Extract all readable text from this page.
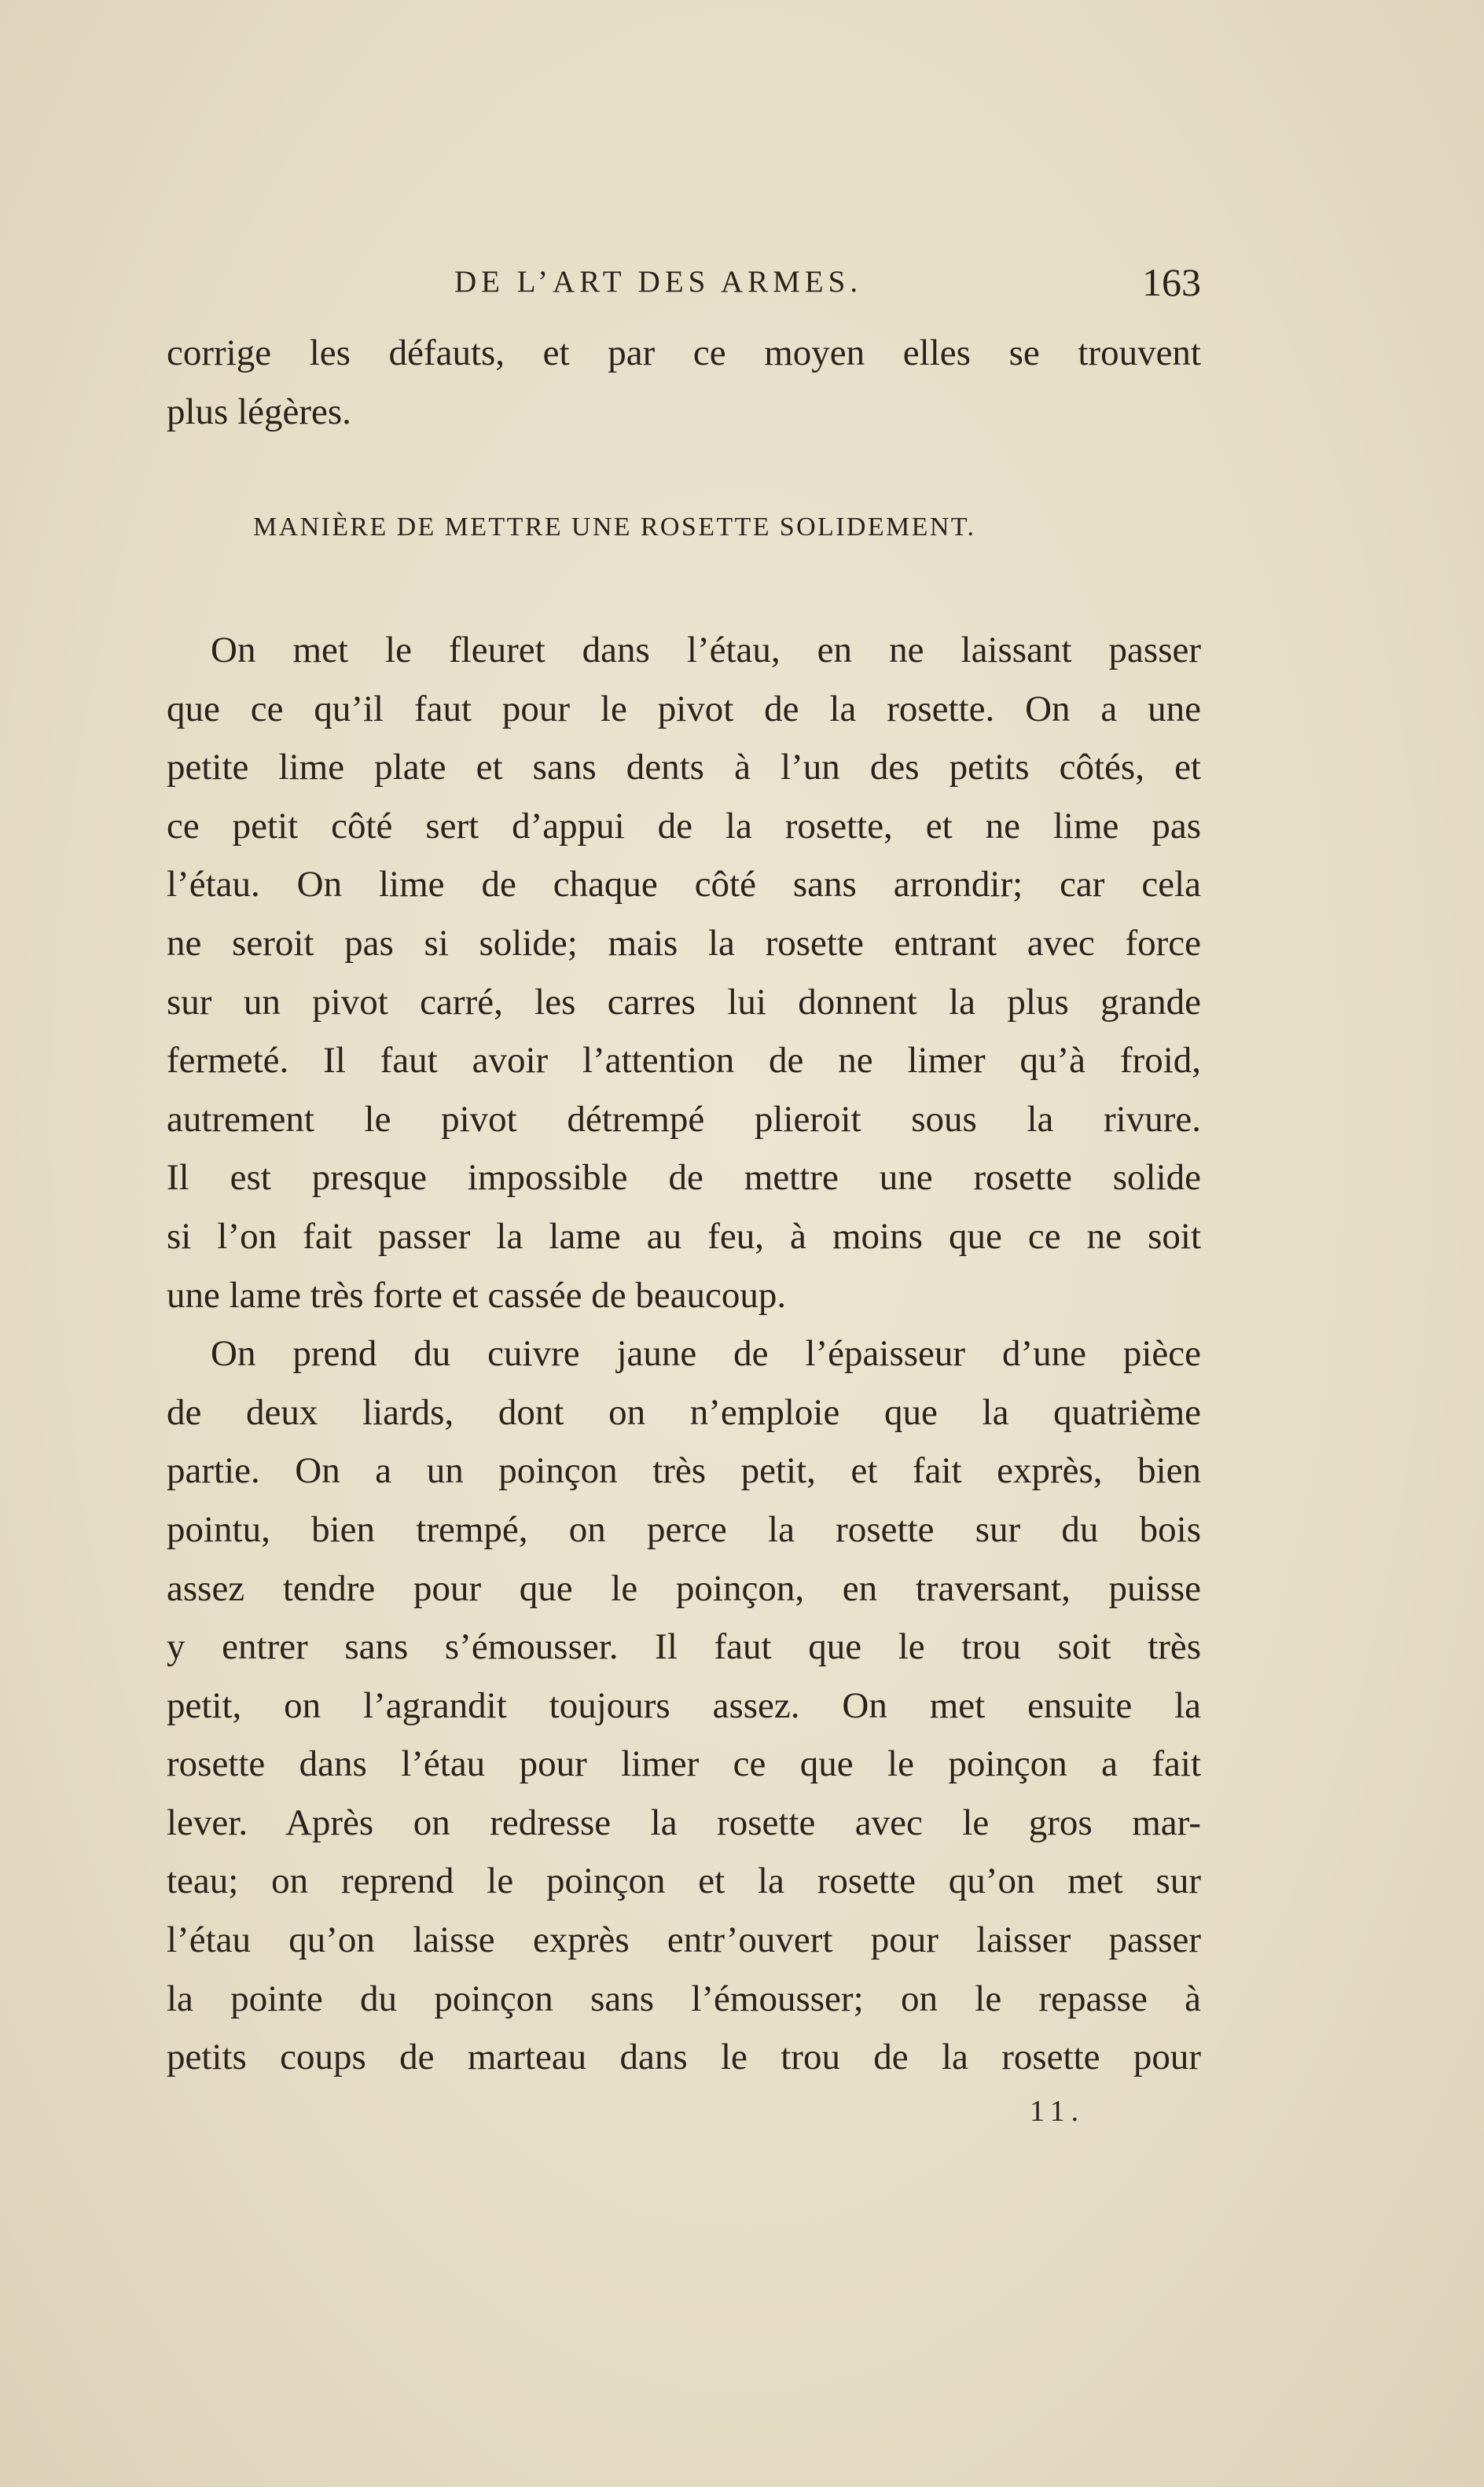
DE L’ART DES ARMES.	163
corrige les défauts, et par ce moyen elles se trouvent
plus légères.
MANIÈRE DE METTRE UNE ROSETTE SOLIDEMENT.
On met le fleuret dans l’étau, en ne laissant passer
que ce qu’il faut pour le pivot de la rosette. On a une
petite lime plate et sans dents à l’un des petits côtés, et
ce petit côté sert d’appui de la rosette, et ne lime pas
l’étau. On lime de chaque côté sans arrondir; car cela
ne seroit pas si solide; mais la rosette entrant avec force
sur un pivot carré, les carres lui donnent la plus grande
fermeté. Il faut avoir l’attention de ne limer qu’à froid,
autrement le pivot détrempé plieroit sous la rivure.
Il est presque impossible de mettre une rosette solide
si l’on fait passer la lame au feu, à moins que ce ne soit
une lame très forte et cassée de beaucoup.
On prend du cuivre jaune de l’épaisseur d’une pièce
de deux liards, dont on n’emploie que la quatrième
partie. On a un poinçon très petit, et fait exprès, bien
pointu, bien trempé, on perce la rosette sur du bois
assez tendre pour que le poinçon, en traversant, puisse
y entrer sans s’émousser. Il faut que le trou soit très
petit, on l’agrandit toujours assez. On met ensuite la
rosette dans l’étau pour limer ce que le poinçon a fait
lever. Après on redresse la rosette avec le gros mar-
teau; on reprend le poinçon et la rosette qu’on met sur
l’étau qu’on laisse exprès entr’ouvert pour laisser passer
la pointe du poinçon sans l’émousser; on le repasse à
petits coups de marteau dans le trou de la rosette pour
11.
